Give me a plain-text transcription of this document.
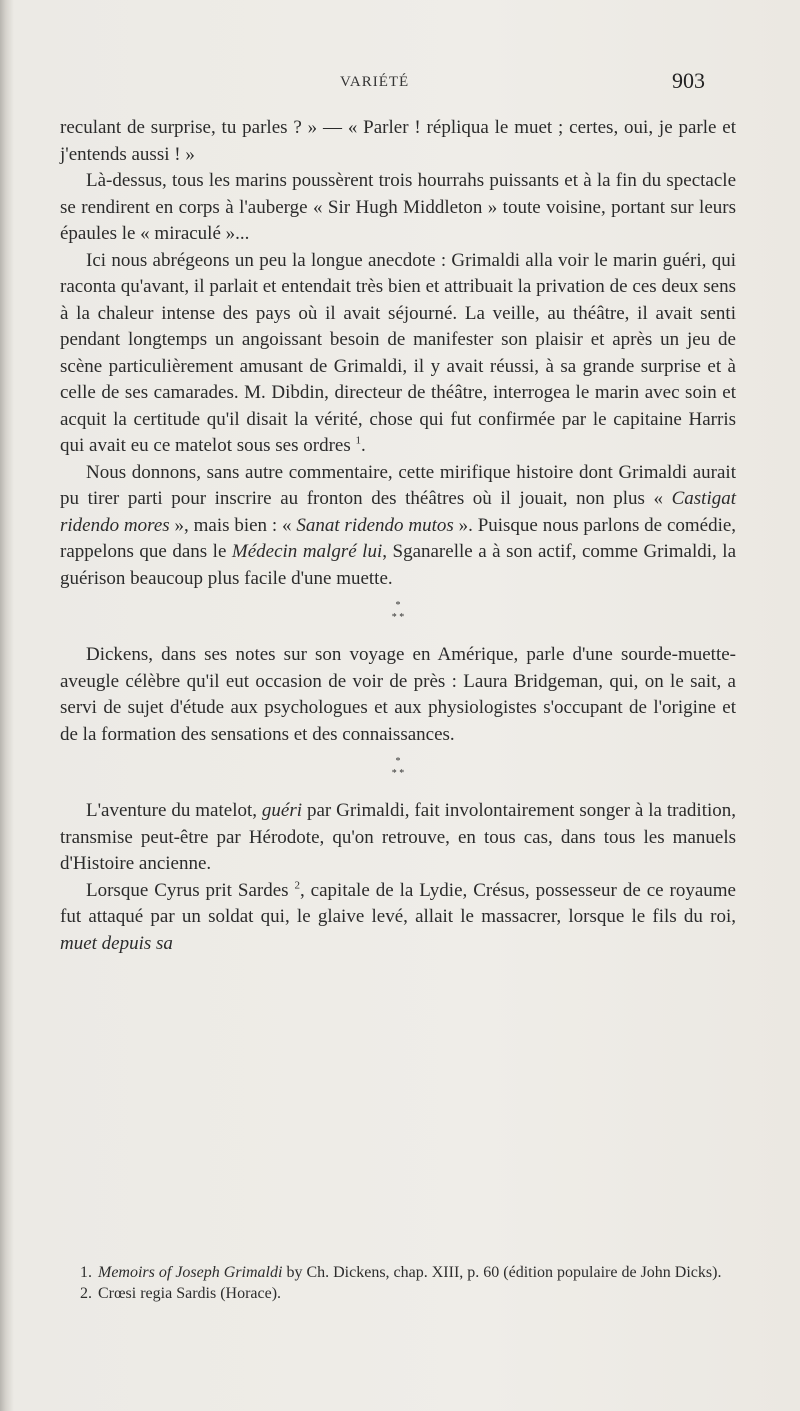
VARIÉTÉ	903

reculant de surprise, tu parles ? » — « Parler ! répliqua le muet ; certes, oui, je parle et j'entends aussi ! »

Là-dessus, tous les marins poussèrent trois hourrahs puissants et à la fin du spectacle se rendirent en corps à l'auberge « Sir Hugh Middleton » toute voisine, portant sur leurs épaules le « miraculé »...

Ici nous abrégeons un peu la longue anecdote : Grimaldi alla voir le marin guéri, qui raconta qu'avant, il parlait et entendait très bien et attribuait la privation de ces deux sens à la chaleur intense des pays où il avait séjourné. La veille, au théâtre, il avait senti pendant longtemps un angoissant besoin de manifester son plaisir et après un jeu de scène particulièrement amusant de Grimaldi, il y avait réussi, à sa grande surprise et à celle de ses camarades. M. Dibdin, directeur de théâtre, interrogea le marin avec soin et acquit la certitude qu'il disait la vérité, chose qui fut confirmée par le capitaine Harris qui avait eu ce matelot sous ses ordres $^1$.

Nous donnons, sans autre commentaire, cette mirifique histoire dont Grimaldi aurait pu tirer parti pour inscrire au fronton des théâtres où il jouait, non plus « Castigat ridendo mores », mais bien : « Sanat ridendo mutos ». Puisque nous parlons de comédie, rappelons que dans le Médecin malgré lui, Sganarelle a à son actif, comme Grimaldi, la guérison beaucoup plus facile d'une muette.

*
* *

Dickens, dans ses notes sur son voyage en Amérique, parle d'une sourde-muette-aveugle célèbre qu'il eut occasion de voir de près : Laura Bridgeman, qui, on le sait, a servi de sujet d'étude aux psychologues et aux physiologistes s'occupant de l'origine et de la formation des sensations et des connaissances.

*
* *

L'aventure du matelot, guéri par Grimaldi, fait involontairement songer à la tradition, transmise peut-être par Hérodote, qu'on retrouve, en tous cas, dans tous les manuels d'Histoire ancienne.

Lorsque Cyrus prit Sardes $^2$, capitale de la Lydie, Crésus, possesseur de ce royaume fut attaqué par un soldat qui, le glaive levé, allait le massacrer, lorsque le fils du roi, muet depuis sa

1. Memoirs of Joseph Grimaldi by Ch. Dickens, chap. XIII, p. 60 (édition populaire de John Dicks).

2. Crœsi regia Sardis (Horace).
